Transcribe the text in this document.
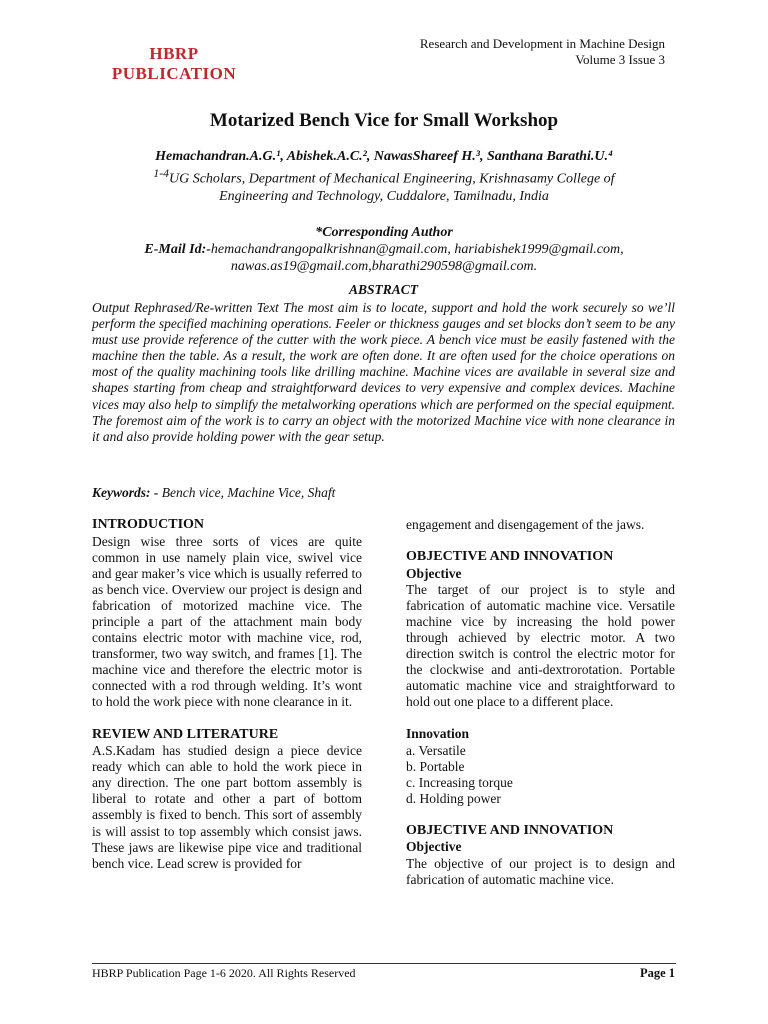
HBRP
PUBLICATION
Research and Development in Machine Design
Volume 3 Issue 3
Motarized Bench Vice for Small Workshop
Hemachandran.A.G.¹, Abishek.A.C.², NawasShareef H.³, Santhana Barathi.U.⁴
$^{1-4}$UG Scholars, Department of Mechanical Engineering, Krishnasamy College of
Engineering and Technology, Cuddalore, Tamilnadu, India
*Corresponding Author
E-Mail Id:-hemachandrangopalkrishnan@gmail.com, hariabishek1999@gmail.com,
nawas.as19@gmail.com,bharathi290598@gmail.com.
ABSTRACT

Output Rephrased/Re-written Text The most aim is to locate, support and hold the work securely so we’ll perform the specified machining operations. Feeler or thickness gauges and set blocks don’t seem to be any must use provide reference of the cutter with the work piece. A bench vice must be easily fastened with the machine then the table. As a result, the work are often done. It are often used for the choice operations on most of the quality machining tools like drilling machine. Machine vices are available in several size and shapes starting from cheap and straightforward devices to very expensive and complex devices. Machine vices may also help to simplify the metalworking operations which are performed on the special equipment. The foremost aim of the work is to carry an object with the motorized Machine vice with none clearance in it and also provide holding power with the gear setup.

Keywords: - Bench vice, Machine Vice, Shaft
INTRODUCTION

Design wise three sorts of vices are quite common in use namely plain vice, swivel vice and gear maker’s vice which is usually referred to as bench vice. Overview our project is design and fabrication of motorized machine vice. The principle a part of the attachment main body contains electric motor with machine vice, rod, transformer, two way switch, and frames [1]. The machine vice and therefore the electric motor is connected with a rod through welding. It’s wont to hold the work piece with none clearance in it.

REVIEW AND LITERATURE

A.S.Kadam has studied design a piece device ready which can able to hold the work piece in any direction. The one part bottom assembly is liberal to rotate and other a part of bottom assembly is fixed to bench. This sort of assembly is will assist to top assembly which consist jaws. These jaws are likewise pipe vice and traditional bench vice. Lead screw is provided for

engagement and disengagement of the jaws.

OBJECTIVE AND INNOVATION
Objective

The target of our project is to style and fabrication of automatic machine vice. Versatile machine vice by increasing the hold power through achieved by electric motor. A two direction switch is control the electric motor for the clockwise and anti-dextrorotation. Portable automatic machine vice and straightforward to hold out one place to a different place.

Innovation
a. Versatile
b. Portable
c. Increasing torque
d. Holding power
OBJECTIVE AND INNOVATION
Objective

The objective of our project is to design and fabrication of automatic machine vice.

HBRP Publication Page 1-6 2020. All Rights Reserved	Page 1
